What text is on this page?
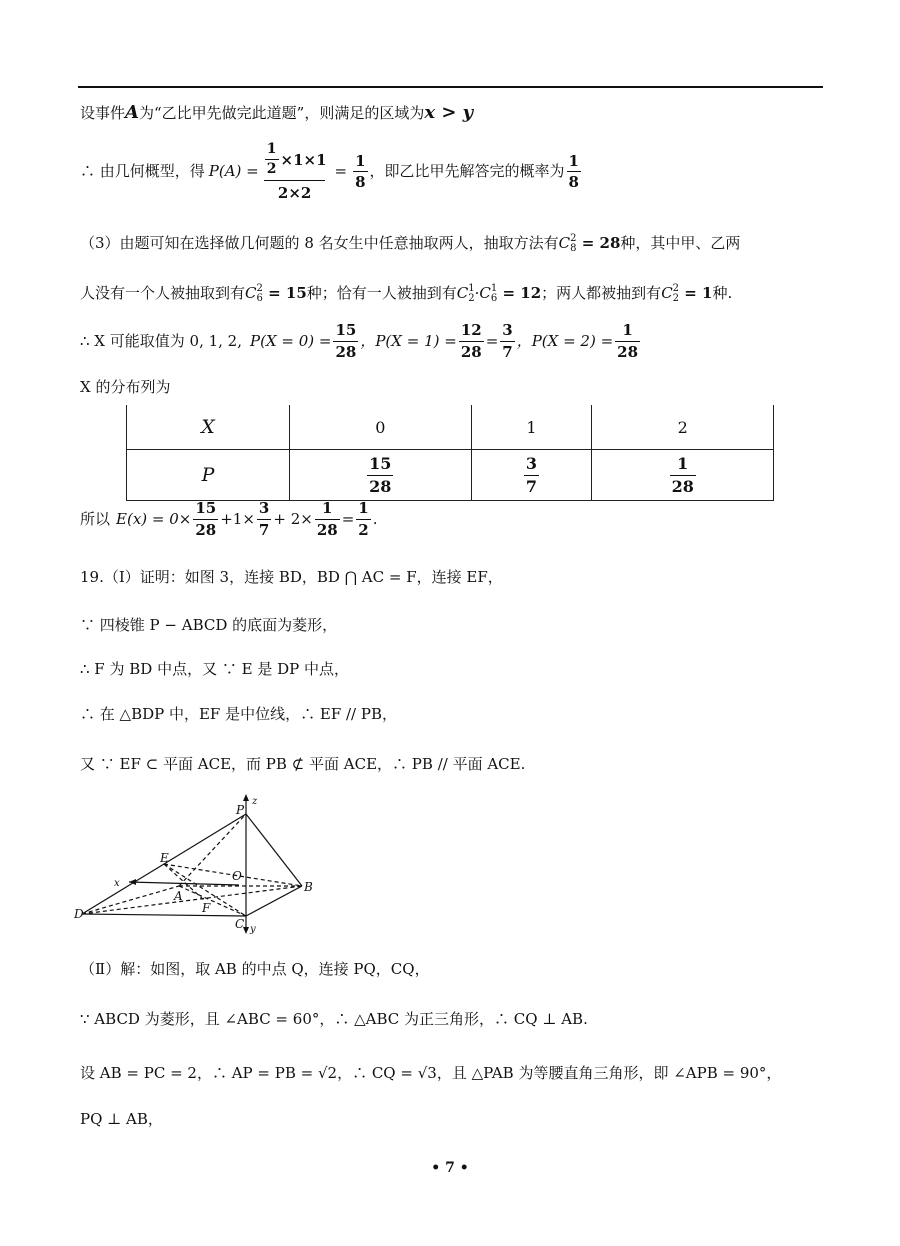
设事件A为“乙比甲先做完此道题”，则满足的区域为x > y
∴ 由几何概型，得 $P(A) = \frac{\frac{1}{2} \times 1\times 1}{2\times 2} = \frac{1}{8}$ ，即乙比甲先解答完的概率为 $\frac{1}{8}$
（3）由题可知在选择做几何题的 8 名女生中任意抽取两人，抽取方法有C 2
8 = 28种，其中甲、乙两
人没有一个人被抽取到有C 2
6 = 15种；恰有一人被抽到有C 1
2 ·C 1
6 = 12；两人都被抽到有C 2
2 = 1种.
∴ X 可能取值为 0, 1, 2, $P(X = 0) = \frac{15}{28}$ ，$P(X = 1) = \frac{12}{28} = \frac{3}{7}$ ，$P(X = 2) = \frac{1}{28}$
X 的分布列为
X	0	1	2
P	$\frac{15}{28}$	$\frac{3}{7}$	$\frac{1}{28}$
所以 $E(x) = 0\times \frac{15}{28} +1\times \frac{3}{7} + 2\times \frac{1}{28} = \frac{1}{2}$ .
19.（Ⅰ）证明：如图 3，连接 BD，BD ⋂ AC = F，连接 EF，
∵ 四棱锥 P − ABCD 的底面为菱形，
∴ F 为 BD 中点，又 ∵ E 是 DP 中点，
∴ 在 △BDP 中，EF 是中位线，∴ EF // PB，
又 ∵ EF ⊂ 平面 ACE，而 PB ⊄ 平面 ACE，∴ PB // 平面 ACE.
P
z
E
O
B
x
A
F
D
C y
（Ⅱ）解：如图，取 AB 的中点 Q，连接 PQ，CQ，
∵ ABCD 为菱形，且 ∠ABC = 60°，∴ △ABC 为正三角形，∴ CQ ⊥ AB.
设 AB = PC = 2，∴ AP = PB = √2，∴ CQ = √3，且 △PAB 为等腰直角三角形，即 ∠APB = 90°，
PQ ⊥ AB，
• 7 •
